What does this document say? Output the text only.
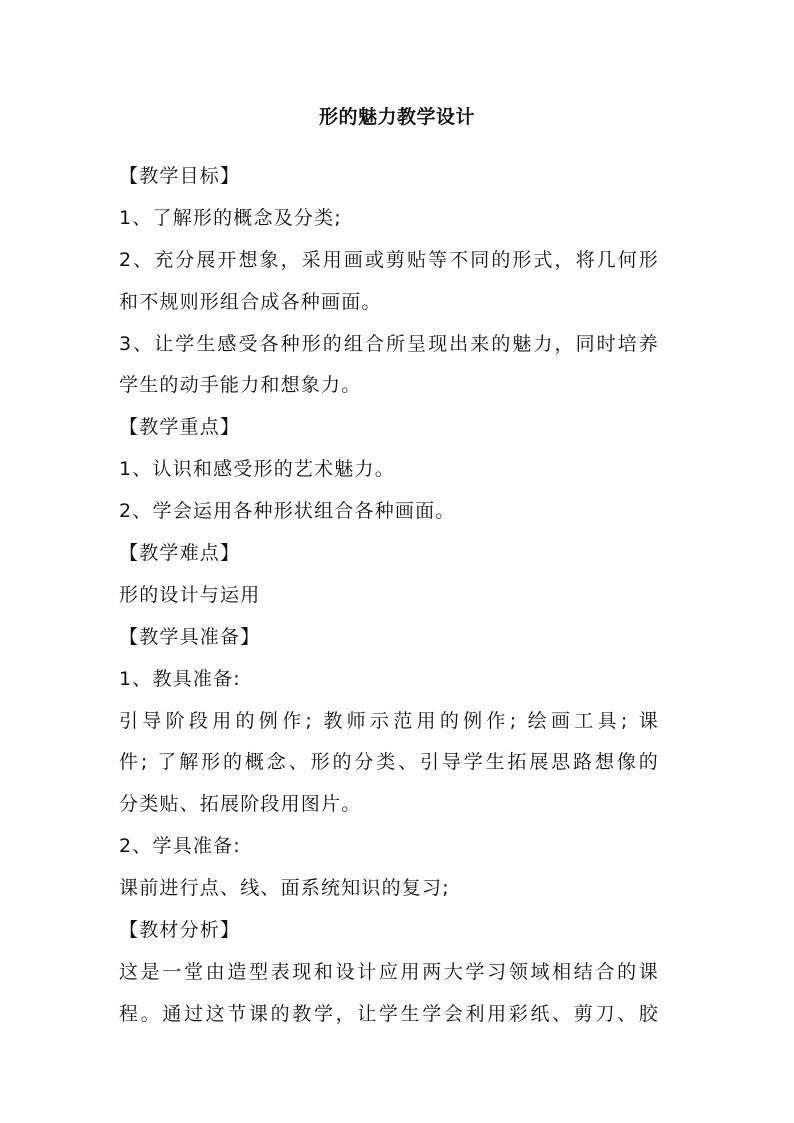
形的魅力教学设计
【教学目标】
1、了解形的概念及分类;
2、充分展开想象，采用画或剪贴等不同的形式，将几何形
和不规则形组合成各种画面。
3、让学生感受各种形的组合所呈现出来的魅力，同时培养
学生的动手能力和想象力。
【教学重点】
1、认识和感受形的艺术魅力。
2、学会运用各种形状组合各种画面。
【教学难点】
形的设计与运用
【教学具准备】
1、教具准备:
引导阶段用的例作; 教师示范用的例作; 绘画工具; 课
件; 了解形的概念、形的分类、引导学生拓展思路想像的
分类贴、拓展阶段用图片。
2、学具准备:
课前进行点、线、面系统知识的复习;
【教材分析】
这是一堂由造型表现和设计应用两大学习领域相结合的课
程。通过这节课的教学，让学生学会利用彩纸、剪刀、胶
